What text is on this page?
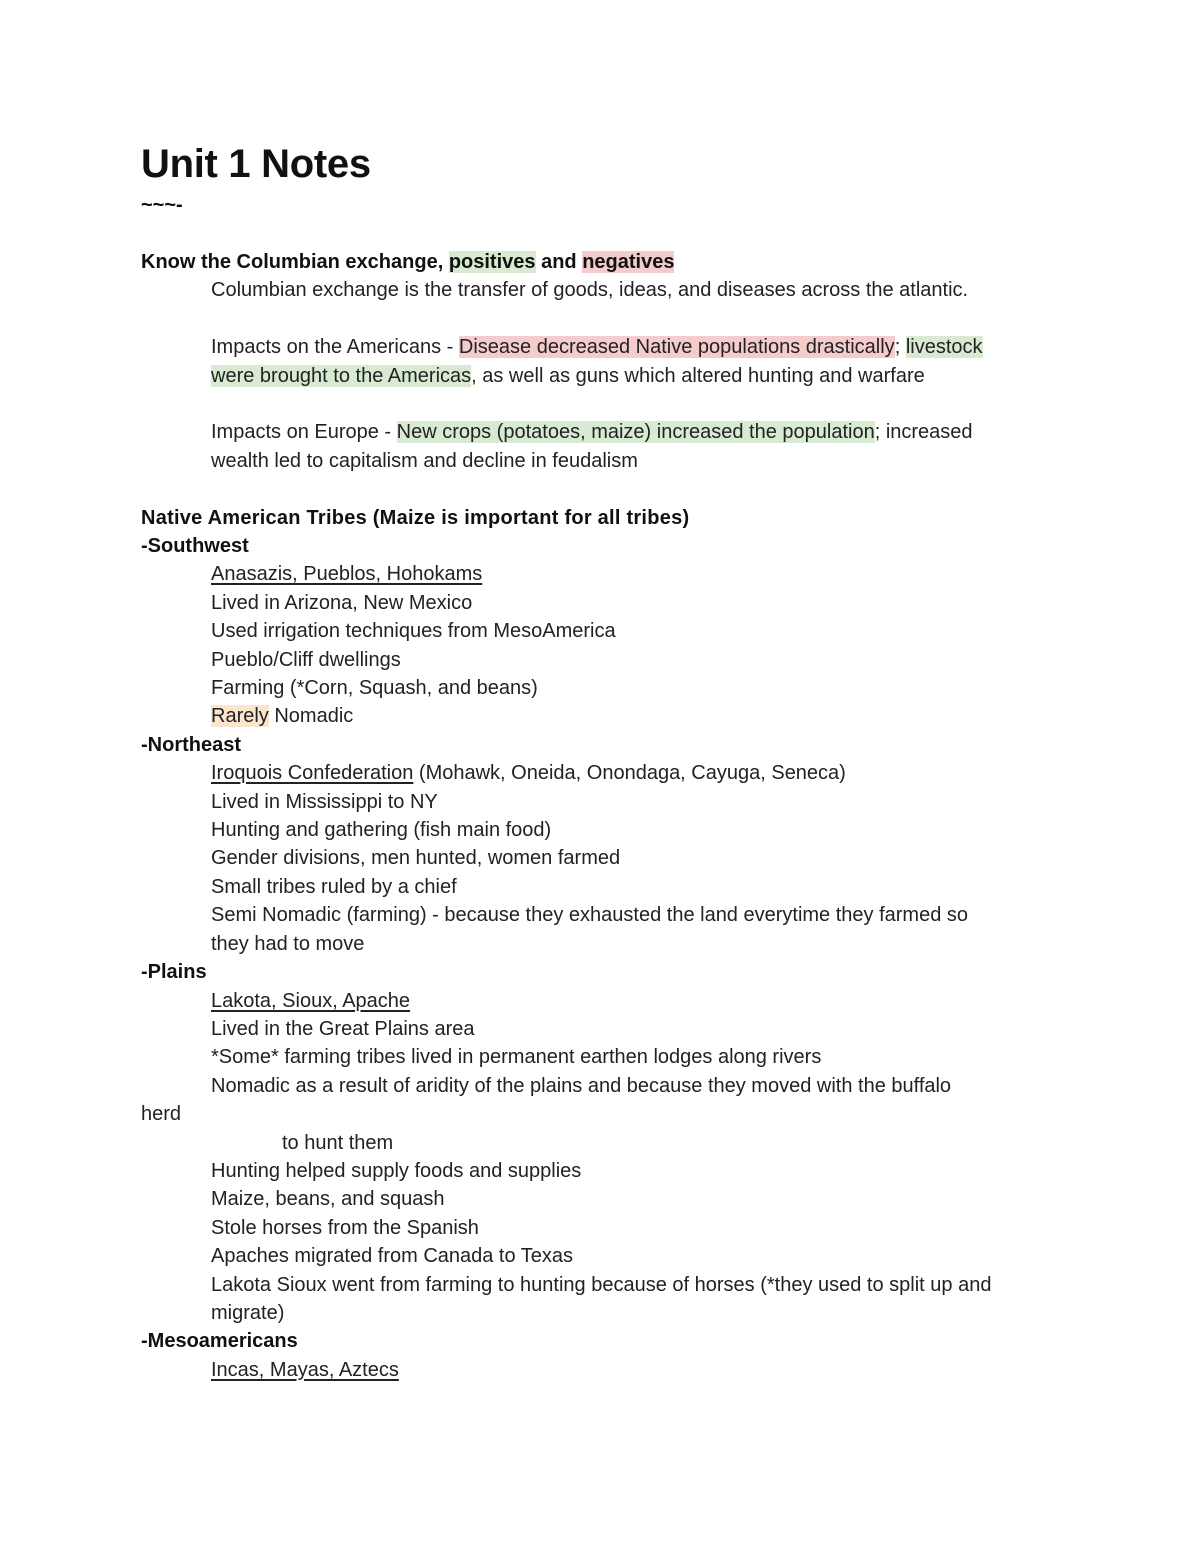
Unit 1 Notes
~~~-

Know the Columbian exchange, positives and negatives

Columbian exchange is the transfer of goods, ideas, and diseases across the atlantic.

Impacts on the Americans - Disease decreased Native populations drastically; livestock

were brought to the Americas, as well as guns which altered hunting and warfare

Impacts on Europe - New crops (potatoes, maize) increased the population; increased

wealth led to capitalism and decline in feudalism

Native American Tribes (Maize is important for all tribes)

-Southwest

Anasazis, Pueblos, Hohokams

Lived in Arizona, New Mexico

Used irrigation techniques from MesoAmerica

Pueblo/Cliff dwellings

Farming (*Corn, Squash, and beans)

Rarely Nomadic

-Northeast

Iroquois Confederation (Mohawk, Oneida, Onondaga, Cayuga, Seneca)

Lived in Mississippi to NY

Hunting and gathering (fish main food)

Gender divisions, men hunted, women farmed

Small tribes ruled by a chief

Semi Nomadic (farming) - because they exhausted the land everytime they farmed so

they had to move

-Plains

Lakota, Sioux, Apache

Lived in the Great Plains area

*Some* farming tribes lived in permanent earthen lodges along rivers

Nomadic as a result of aridity of the plains and because they moved with the buffalo

herd

to hunt them

Hunting helped supply foods and supplies

Maize, beans, and squash

Stole horses from the Spanish

Apaches migrated from Canada to Texas

Lakota Sioux went from farming to hunting because of horses (*they used to split up and

migrate)

-Mesoamericans

Incas, Mayas, Aztecs
